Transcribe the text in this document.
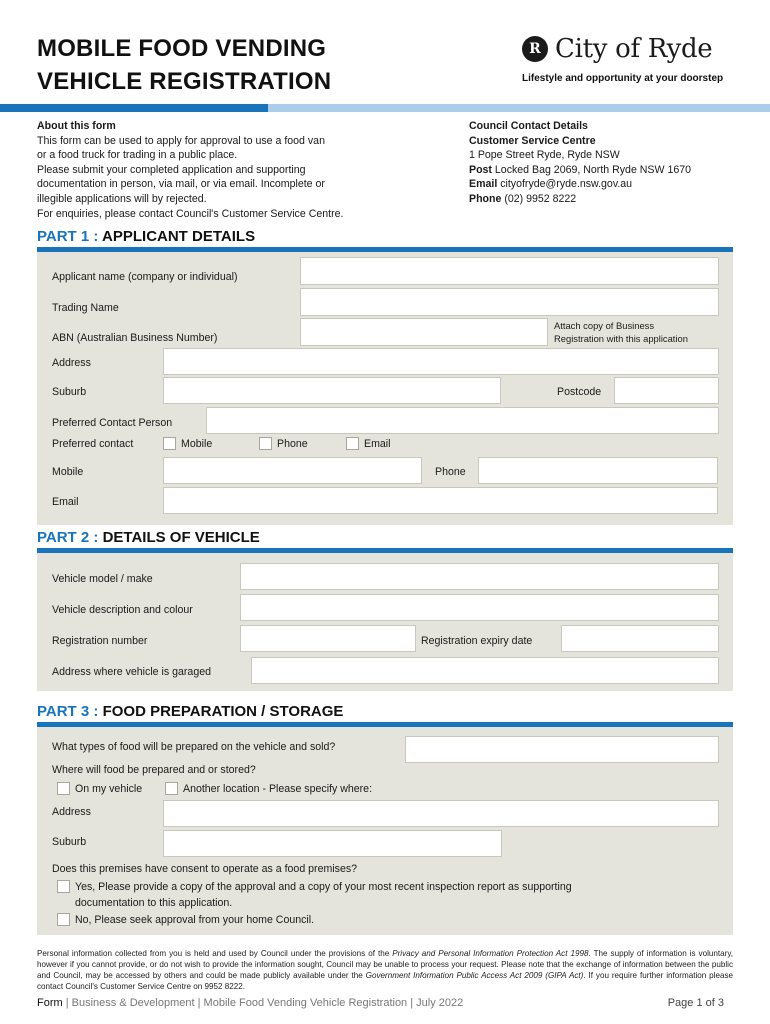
MOBILE FOOD VENDING
VEHICLE REGISTRATION
R City of Ryde
Lifestyle and opportunity at your doorstep
About this form
This form can be used to apply for approval to use a food van
or a food truck for trading in a public place.
Please submit your completed application and supporting
documentation in person, via mail, or via email. Incomplete or
illegible applications will by rejected.
For enquiries, please contact Council's Customer Service Centre.
Council Contact Details
Customer Service Centre
1 Pope Street Ryde, Ryde NSW
Post Locked Bag 2069, North Ryde NSW 1670
Email cityofryde@ryde.nsw.gov.au
Phone (02) 9952 8222
PART 1 : APPLICANT DETAILS
Applicant name (company or individual)
Trading Name
ABN (Australian Business Number)
Attach copy of Business
Registration with this application
Address
Suburb	Postcode
Preferred Contact Person
Preferred contact	Mobile	Phone	Email
Mobile	Phone
Email
PART 2 : DETAILS OF VEHICLE
Vehicle model / make
Vehicle description and colour
Registration number	Registration expiry date
Address where vehicle is garaged
PART 3 : FOOD PREPARATION / STORAGE
What types of food will be prepared on the vehicle and sold?
Where will food be prepared and or stored?
On my vehicle	Another location - Please specify where:
Address
Suburb
Does this premises have consent to operate as a food premises?
Yes, Please provide a copy of the approval and a copy of your most recent inspection report as supporting
documentation to this application.
No, Please seek approval from your home Council.
Personal information collected from you is held and used by Council under the provisions of the Privacy and Personal Information Protection Act 1998. The supply of information is voluntary, however if you cannot provide, or do not wish to provide the information sought, Council may be unable to process your request. Please note that the exchange of information between the public and Council, may be accessed by others and could be made publicly available under the Government Information Public Access Act 2009 (GIPA Act). If you require further information please contact Council's Customer Service Centre on 9952 8222.
Form | Business & Development | Mobile Food Vending Vehicle Registration | July 2022	Page 1 of 3
